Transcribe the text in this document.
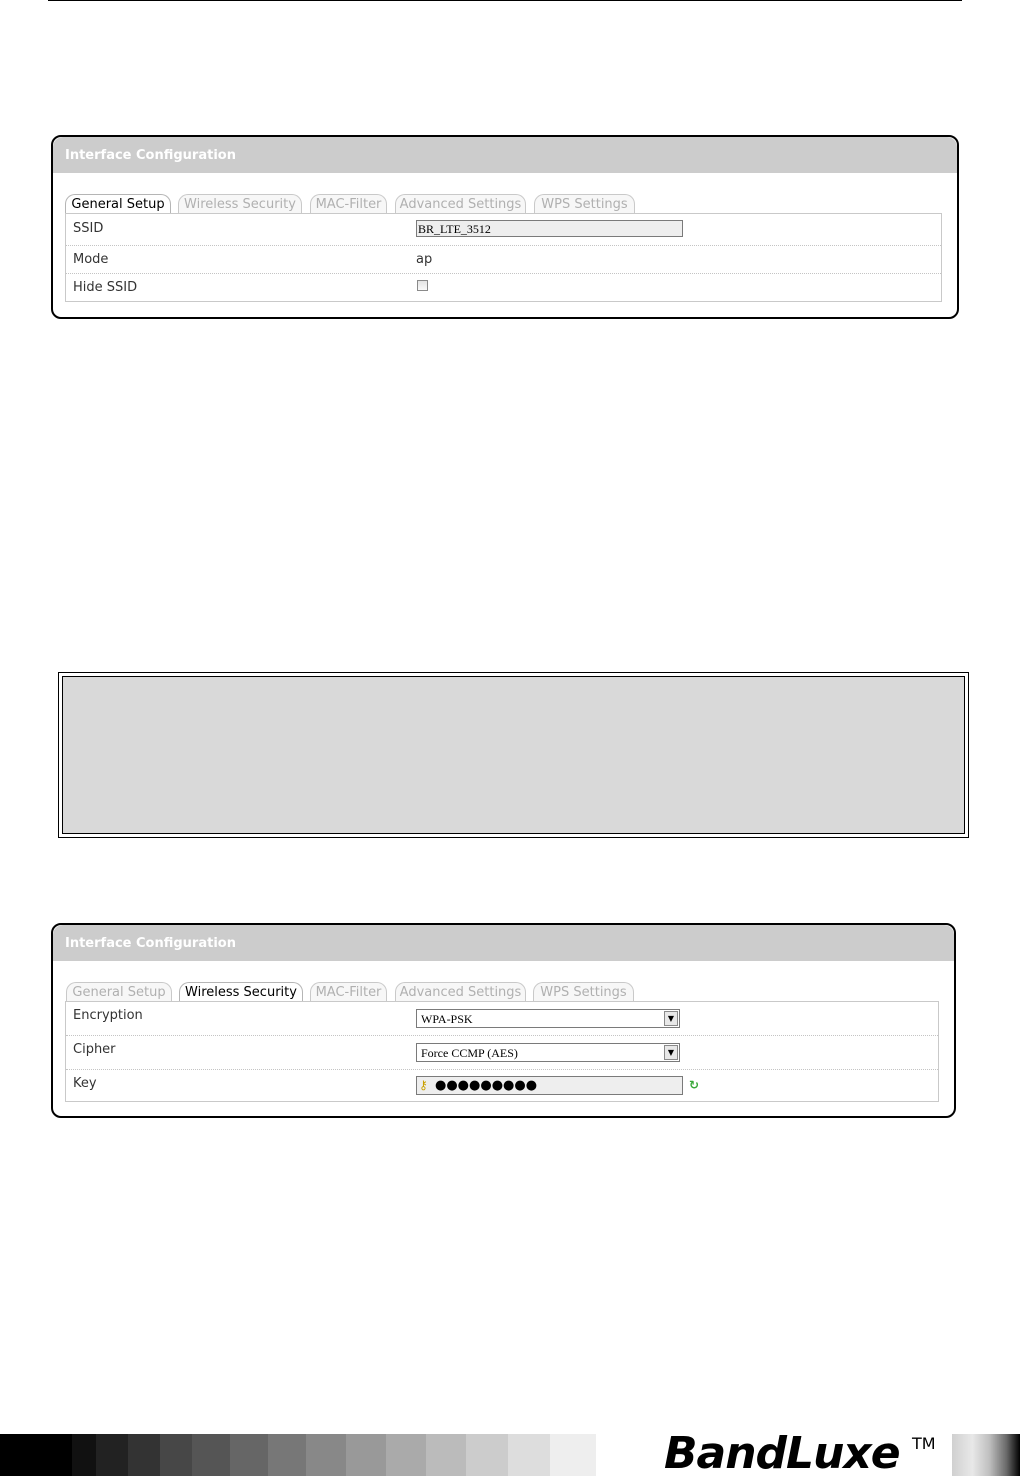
Interface Configuration
General Setup	Wireless Security	MAC-Filter	Advanced Settings	WPS Settings
SSID	BR_LTE_3512
Mode	ap
Hide SSID
Interface Configuration
General Setup	Wireless Security	MAC-Filter	Advanced Settings	WPS Settings
Encryption	WPA-PSK	▼
Cipher	Force CCMP (AES)	▼
Key	⚷ ●●●●●●●●●	↻
BandLuxe TM
